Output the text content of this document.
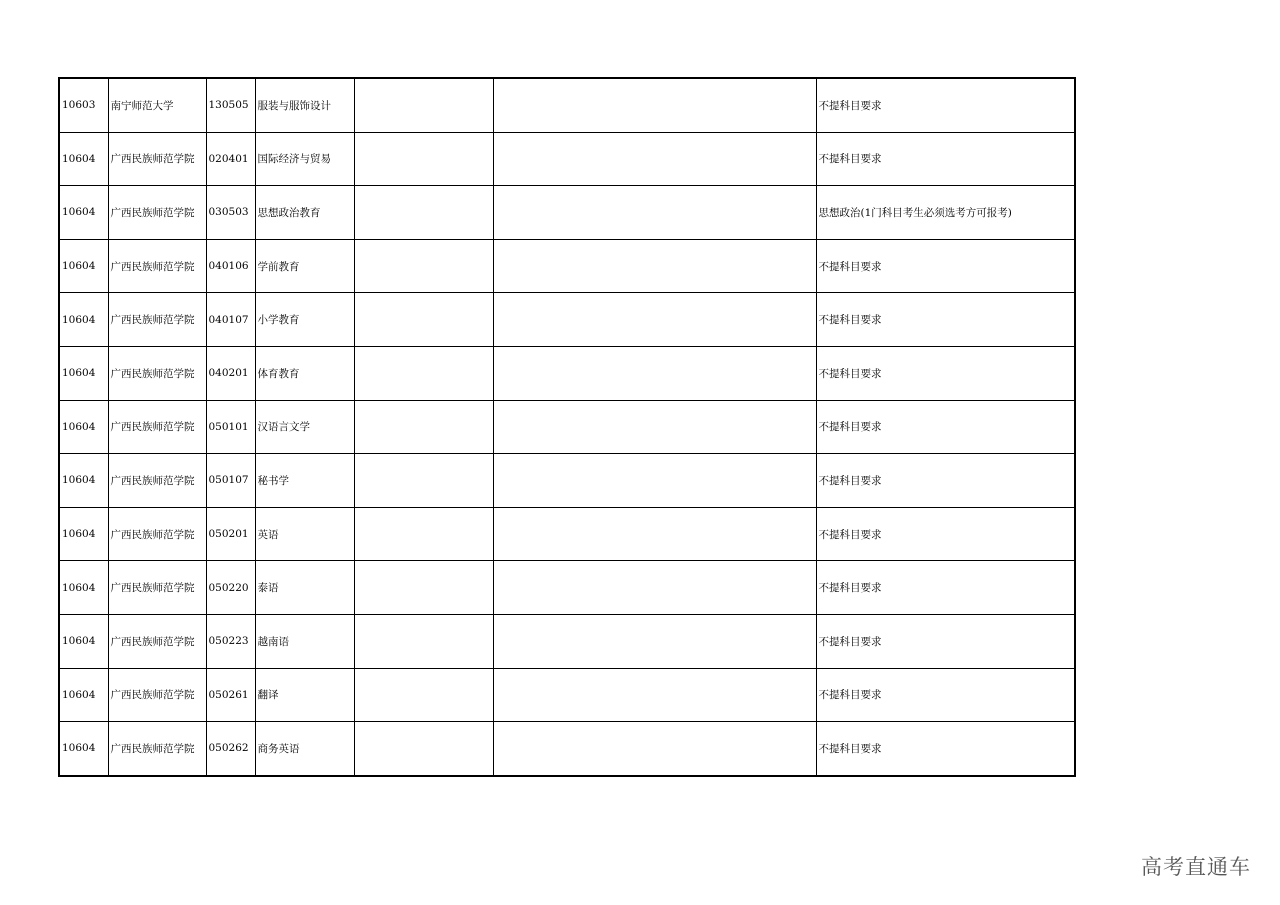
10603	南宁师范大学	130505	服装与服饰设计			不提科目要求
10604	广西民族师范学院	020401	国际经济与贸易			不提科目要求
10604	广西民族师范学院	030503	思想政治教育			思想政治(1门科目考生必须选考方可报考)
10604	广西民族师范学院	040106	学前教育			不提科目要求
10604	广西民族师范学院	040107	小学教育			不提科目要求
10604	广西民族师范学院	040201	体育教育			不提科目要求
10604	广西民族师范学院	050101	汉语言文学			不提科目要求
10604	广西民族师范学院	050107	秘书学			不提科目要求
10604	广西民族师范学院	050201	英语			不提科目要求
10604	广西民族师范学院	050220	泰语			不提科目要求
10604	广西民族师范学院	050223	越南语			不提科目要求
10604	广西民族师范学院	050261	翻译			不提科目要求
10604	广西民族师范学院	050262	商务英语			不提科目要求
高考直通车
